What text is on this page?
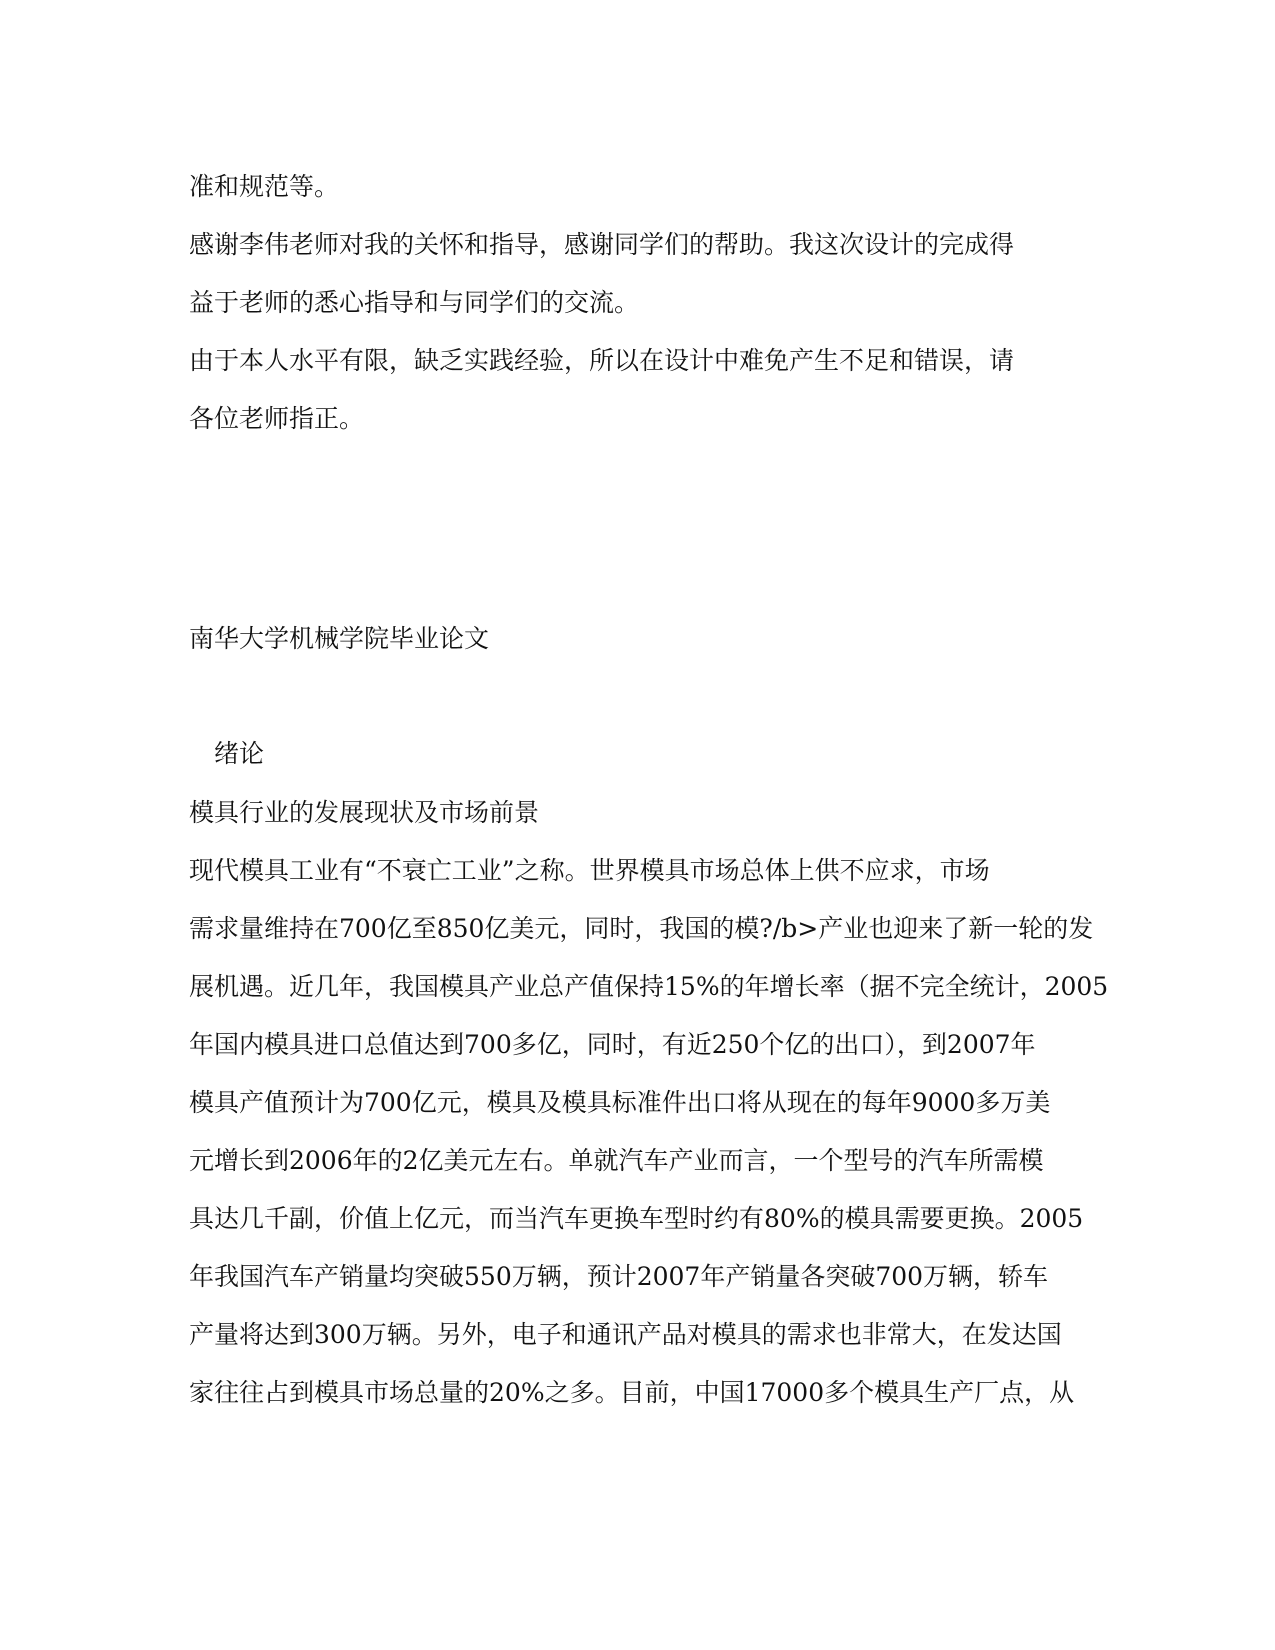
准和规范等。
感谢李伟老师对我的关怀和指导，感谢同学们的帮助。我这次设计的完成得
益于老师的悉心指导和与同学们的交流。
由于本人水平有限，缺乏实践经验，所以在设计中难免产生不足和错误，请
各位老师指正。
南华大学机械学院毕业论文
绪论
模具行业的发展现状及市场前景
现代模具工业有“不衰亡工业”之称。世界模具市场总体上供不应求，市场
需求量维持在700亿至850亿美元，同时，我国的模?/b>产业也迎来了新一轮的发
展机遇。近几年，我国模具产业总产值保持15%的年增长率（据不完全统计，2005
年国内模具进口总值达到700多亿，同时，有近250个亿的出口），到2007年
模具产值预计为700亿元，模具及模具标准件出口将从现在的每年9000多万美
元增长到2006年的2亿美元左右。单就汽车产业而言，一个型号的汽车所需模
具达几千副，价值上亿元，而当汽车更换车型时约有80%的模具需要更换。2005
年我国汽车产销量均突破550万辆，预计2007年产销量各突破700万辆，轿车
产量将达到300万辆。另外，电子和通讯产品对模具的需求也非常大，在发达国
家往往占到模具市场总量的20%之多。目前，中国17000多个模具生产厂点，从
